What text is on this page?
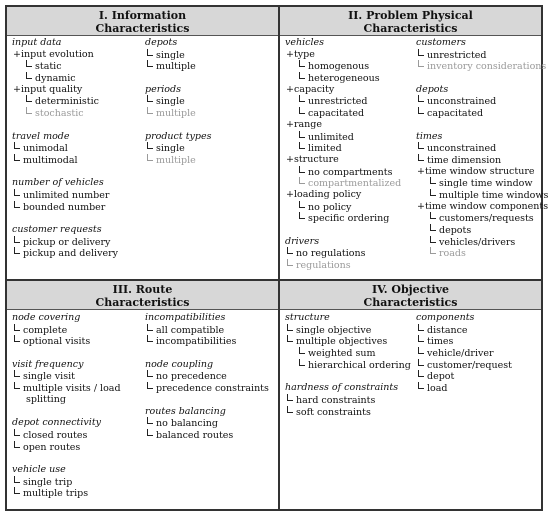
I. Information
Characteristics
II. Problem Physical
Characteristics
III. Route
Characteristics
IV. Objective
Characteristics
input data
+input evolution
static
dynamic
+input quality
deterministic
stochastic
travel mode
unimodal
multimodal
number of vehicles
unlimited number
bounded number
customer requests
pickup or delivery
pickup and delivery
depots
single
multiple
periods
single
multiple
product types
single
multiple
vehicles
+type
homogenous
heterogeneous
+capacity
unrestricted
capacitated
+range
unlimited
limited
+structure
no compartments
compartmentalized
+loading policy
no policy
specific ordering
drivers
no regulations
regulations
customers
unrestricted
inventory considerations
depots
unconstrained
capacitated
times
unconstrained
time dimension
+time window structure
single time window
multiple time windows
+time window components
customers/requests
depots
vehicles/drivers
roads
node covering
complete
optional visits
visit frequency
single visit
multiple visits / load
splitting
depot connectivity
closed routes
open routes
vehicle use
single trip
multiple trips
incompatibilities
all compatible
incompatibilities
node coupling
no precedence
precedence constraints
routes balancing
no balancing
balanced routes
structure
single objective
multiple objectives
weighted sum
hierarchical ordering
hardness of constraints
hard constraints
soft constraints
components
distance
times
vehicle/driver
customer/request
depot
load
